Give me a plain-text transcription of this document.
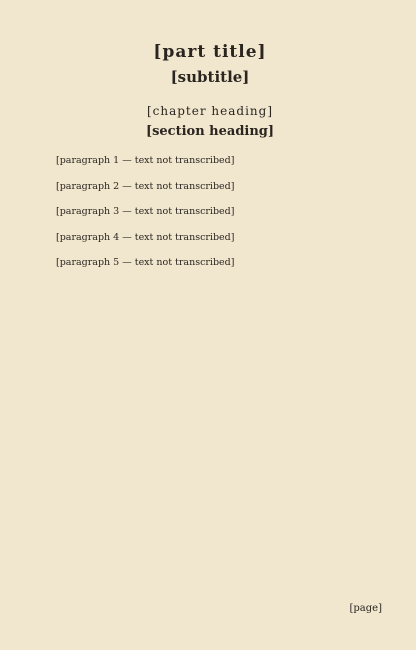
[part title]
[subtitle]
[chapter heading]
[section heading]

[paragraph 1 — text not transcribed]

[paragraph 2 — text not transcribed]

[paragraph 3 — text not transcribed]

[paragraph 4 — text not transcribed]

[paragraph 5 — text not transcribed]

[page]
